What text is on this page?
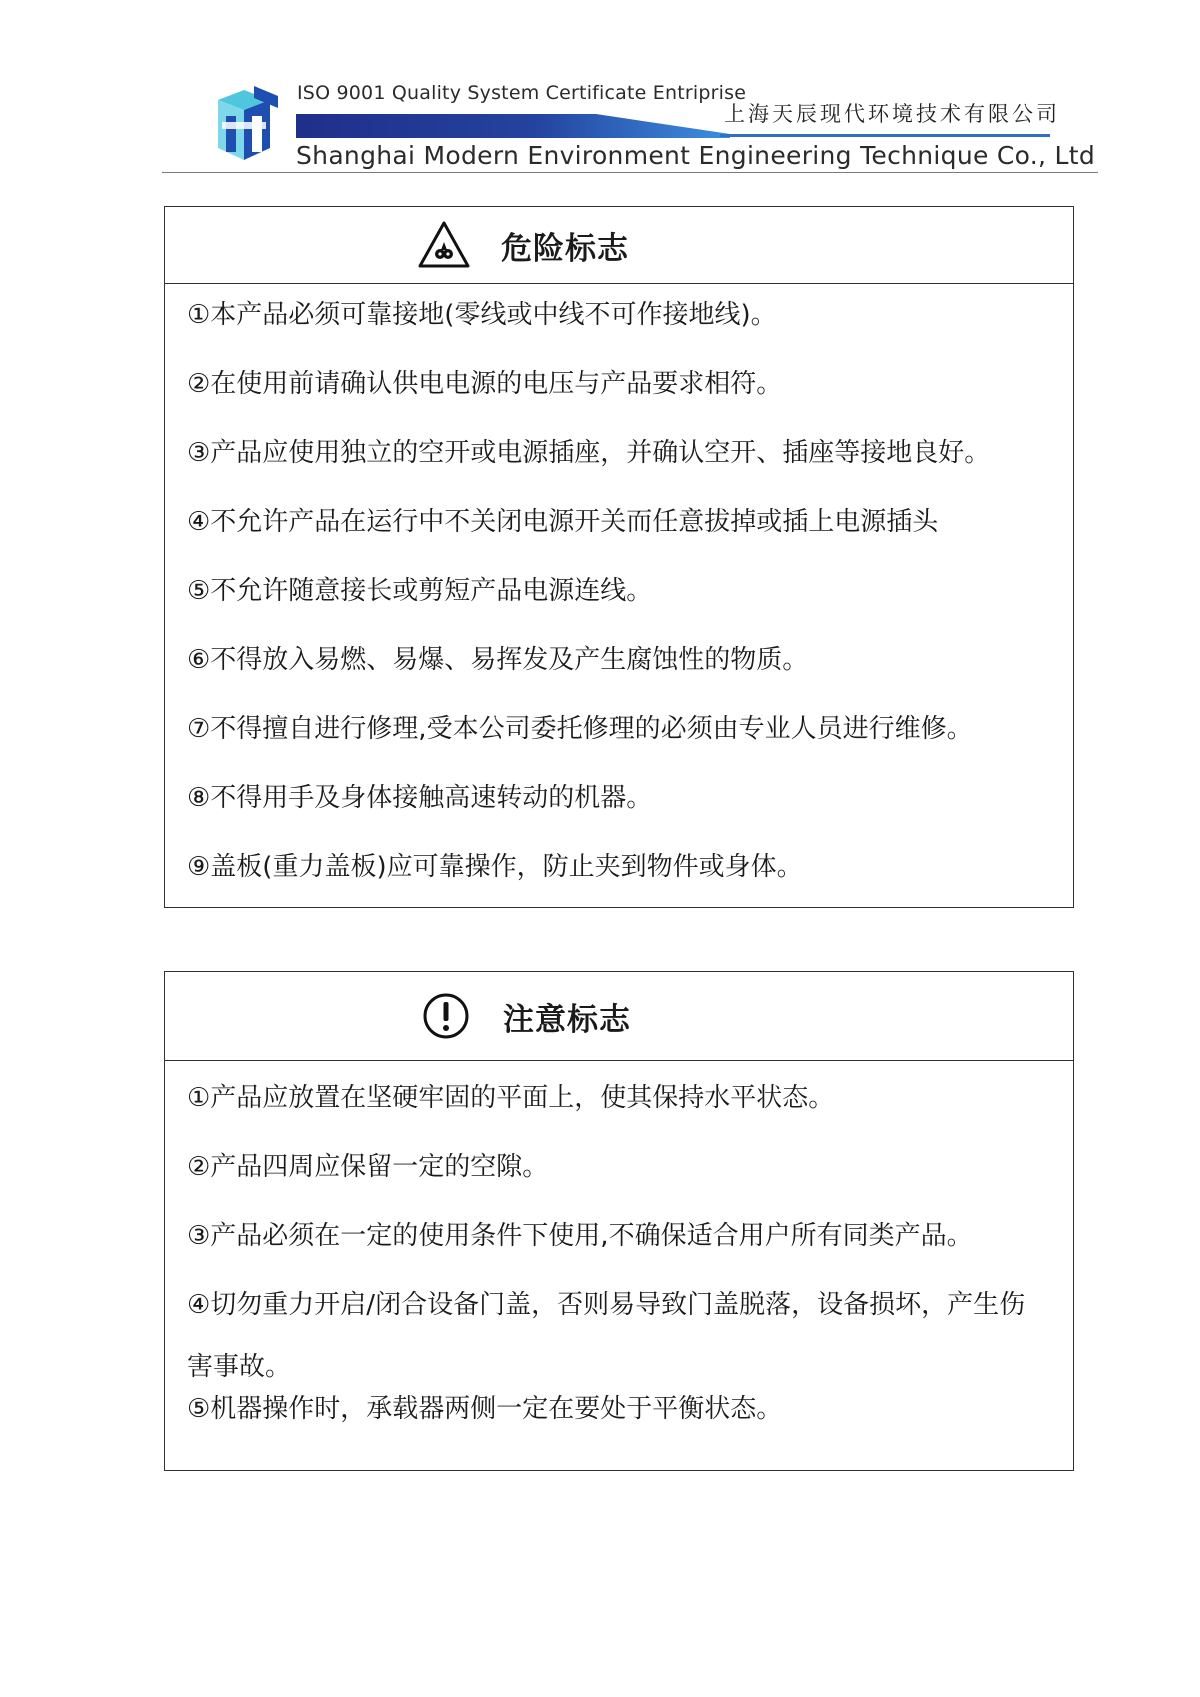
ISO 9001 Quality System Certificate Entriprise
上海天辰现代环境技术有限公司
Shanghai Modern Environment Engineering Technique Co., Ltd
危险标志
①本产品必须可靠接地(零线或中线不可作接地线)。
②在使用前请确认供电电源的电压与产品要求相符。
③产品应使用独立的空开或电源插座，并确认空开、插座等接地良好。
④不允许产品在运行中不关闭电源开关而任意拔掉或插上电源插头
⑤不允许随意接长或剪短产品电源连线。
⑥不得放入易燃、易爆、易挥发及产生腐蚀性的物质。
⑦不得擅自进行修理,受本公司委托修理的必须由专业人员进行维修。
⑧不得用手及身体接触高速转动的机器。
⑨盖板(重力盖板)应可靠操作，防止夹到物件或身体。
注意标志
①产品应放置在坚硬牢固的平面上，使其保持水平状态。
②产品四周应保留一定的空隙。
③产品必须在一定的使用条件下使用,不确保适合用户所有同类产品。
④切勿重力开启/闭合设备门盖，否则易导致门盖脱落，设备损坏，产生伤害事故。
⑤机器操作时，承载器两侧一定在要处于平衡状态。
